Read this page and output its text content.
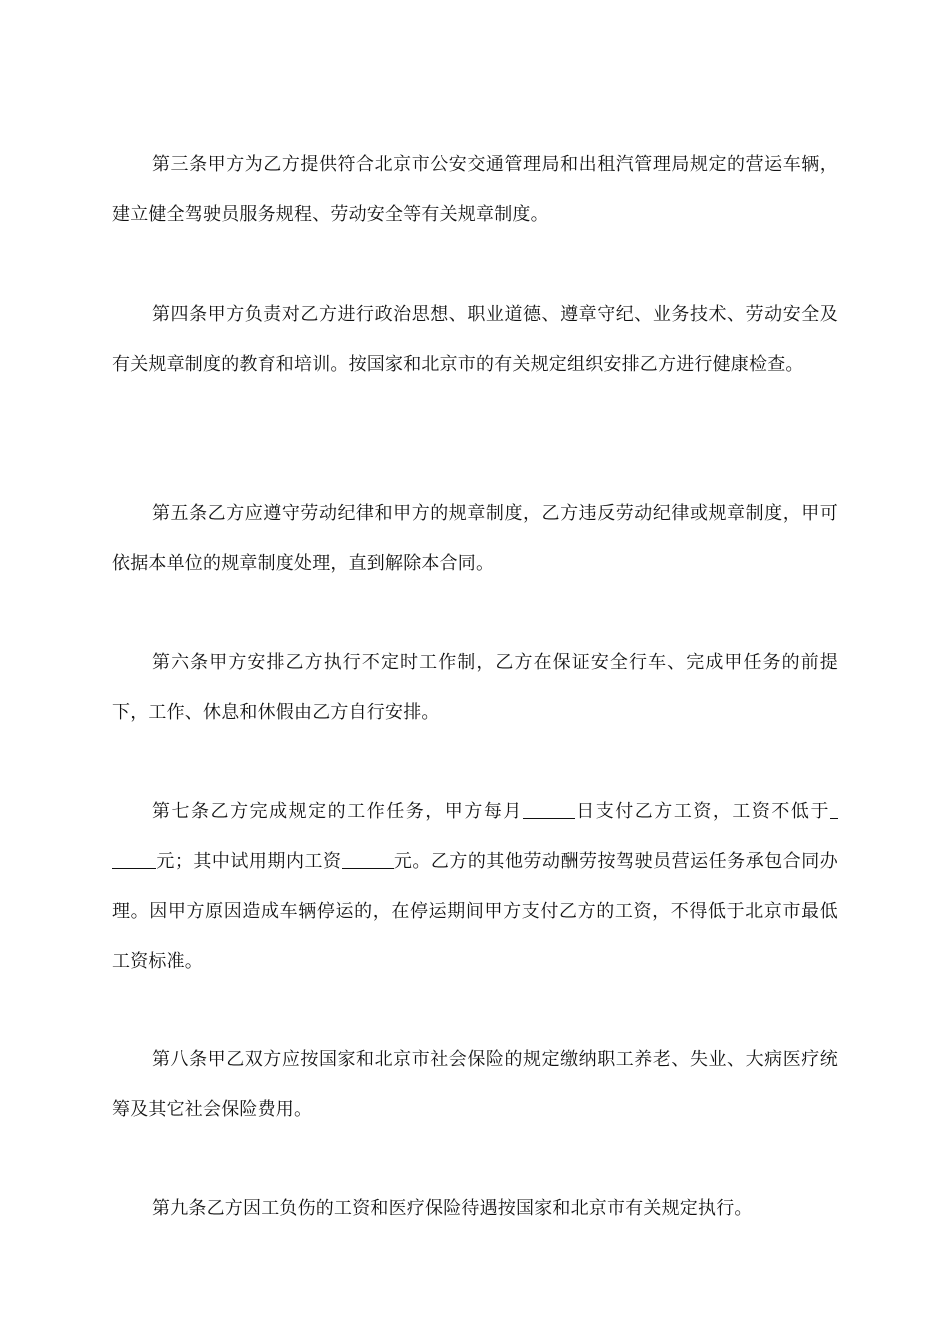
第三条甲方为乙方提供符合北京市公安交通管理局和出租汽管理局规定的营运车辆，建立健全驾驶员服务规程、劳动安全等有关规章制度。

第四条甲方负责对乙方进行政治思想、职业道德、遵章守纪、业务技术、劳动安全及有关规章制度的教育和培训。按国家和北京市的有关规定组织安排乙方进行健康检查。

第五条乙方应遵守劳动纪律和甲方的规章制度，乙方违反劳动纪律或规章制度，甲可依据本单位的规章制度处理，直到解除本合同。

第六条甲方安排乙方执行不定时工作制，乙方在保证安全行车、完成甲任务的前提下，工作、休息和休假由乙方自行安排。

第七条乙方完成规定的工作任务，甲方每月	日支付乙方工资，工资不低于元；其中试用期内工资	元。乙方的其他劳动酬劳按驾驶员营运任务承包合同办理。因甲方原因造成车辆停运的，在停运期间甲方支付乙方的工资，不得低于北京市最低工资标准。

第八条甲乙双方应按国家和北京市社会保险的规定缴纳职工养老、失业、大病医疗统筹及其它社会保险费用。

第九条乙方因工负伤的工资和医疗保险待遇按国家和北京市有关规定执行。
